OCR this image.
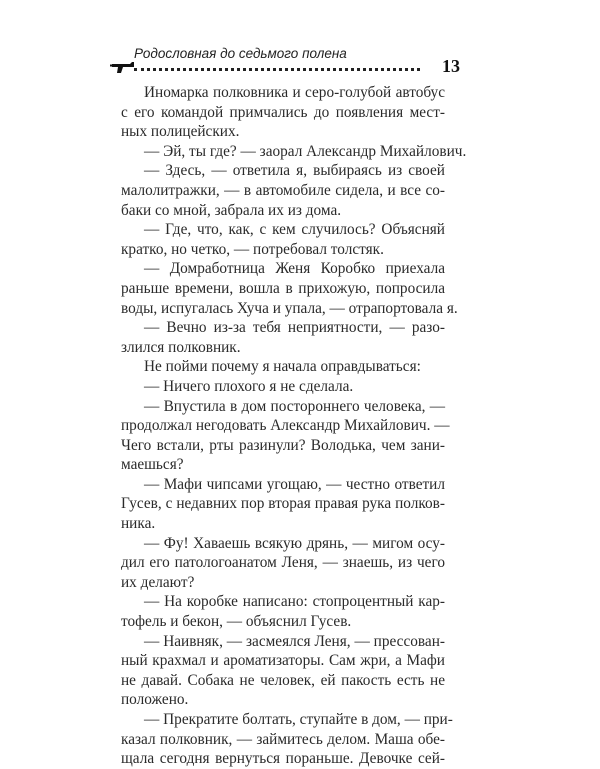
Родословная до седьмого полена
13
Иномарка полковника и серо-голубой автобус
с его командой примчались до появления мест-
ных полицейских.
— Эй, ты где? — заорал Александр Михайлович.
— Здесь, — ответила я, выбираясь из своей
малолитражки, — в автомобиле сидела, и все со-
баки со мной, забрала их из дома.
— Где, что, как, с кем случилось? Объясняй
кратко, но четко, — потребовал толстяк.
— Домработница Женя Коробко приехала
раньше времени, вошла в прихожую, попросила
воды, испугалась Хуча и упала, — отрапортовала я.
— Вечно из-за тебя неприятности, — разо-
злился полковник.
Не пойми почему я начала оправдываться:
— Ничего плохого я не сделала.
— Впустила в дом постороннего человека, —
продолжал негодовать Александр Михайлович. —
Чего встали, рты разинули? Володька, чем зани-
маешься?
— Мафи чипсами угощаю, — честно ответил
Гусев, с недавних пор вторая правая рука полков-
ника.
— Фу! Хаваешь всякую дрянь, — мигом осу-
дил его патологоанатом Леня, — знаешь, из чего
их делают?
— На коробке написано: стопроцентный кар-
тофель и бекон, — объяснил Гусев.
— Наивняк, — засмеялся Леня, — прессован-
ный крахмал и ароматизаторы. Сам жри, а Мафи
не давай. Собака не человек, ей пакость есть не
положено.
— Прекратите болтать, ступайте в дом, — при-
казал полковник, — займитесь делом. Маша обе-
щала сегодня вернуться пораньше. Девочке сей-
